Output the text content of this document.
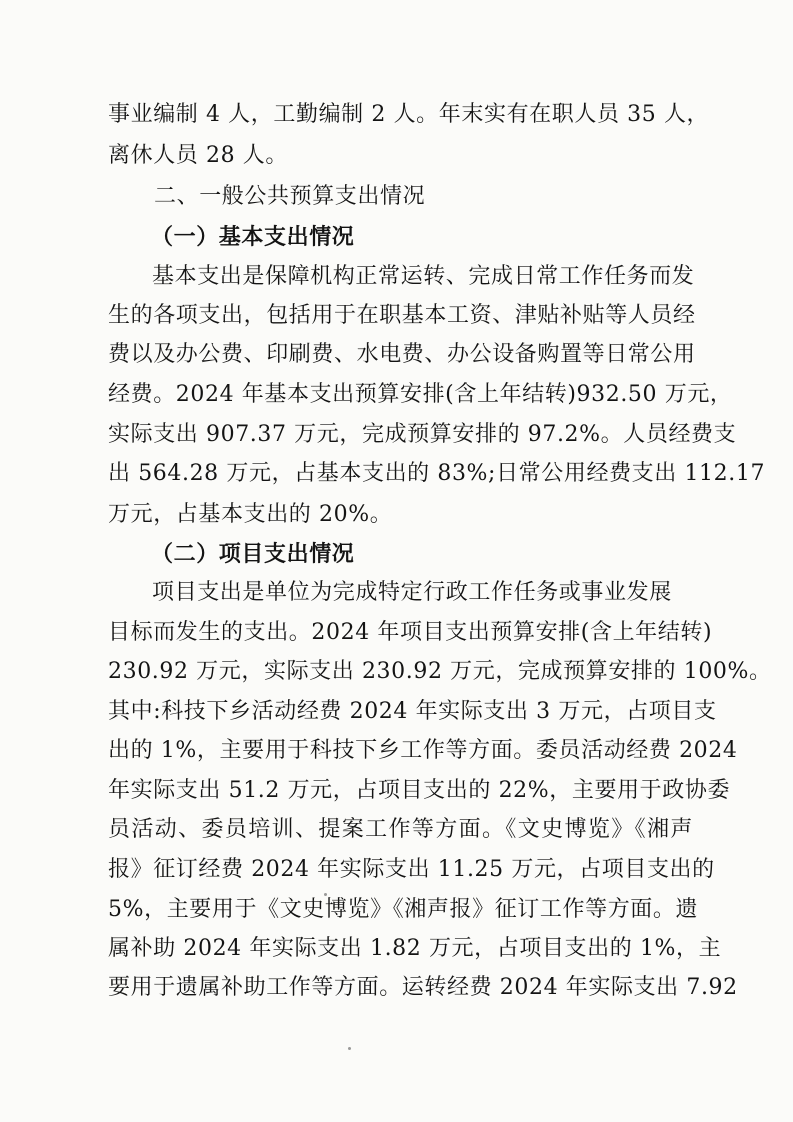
事业编制 4 人，工勤编制 2 人。年末实有在职人员 35 人，
离休人员 28 人。
二、一般公共预算支出情况
（一）基本支出情况
基本支出是保障机构正常运转、完成日常工作任务而发
生的各项支出，包括用于在职基本工资、津贴补贴等人员经
费以及办公费、印刷费、水电费、办公设备购置等日常公用
经费。2024 年基本支出预算安排(含上年结转)932.50 万元，
实际支出 907.37 万元，完成预算安排的 97.2%。人员经费支
出 564.28 万元，占基本支出的 83%;日常公用经费支出 112.17
万元，占基本支出的 20%。
（二）项目支出情况
项目支出是单位为完成特定行政工作任务或事业发展
目标而发生的支出。2024 年项目支出预算安排(含上年结转)
230.92 万元，实际支出 230.92 万元，完成预算安排的 100%。
其中:科技下乡活动经费 2024 年实际支出 3 万元，占项目支
出的 1%，主要用于科技下乡工作等方面。委员活动经费 2024
年实际支出 51.2 万元，占项目支出的 22%，主要用于政协委
员活动、委员培训、提案工作等方面。《文史博览》《湘声
报》征订经费 2024 年实际支出 11.25 万元，占项目支出的
5%，主要用于《文史博览》《湘声报》征订工作等方面。遗
属补助 2024 年实际支出 1.82 万元，占项目支出的 1%，主
要用于遗属补助工作等方面。运转经费 2024 年实际支出 7.92
